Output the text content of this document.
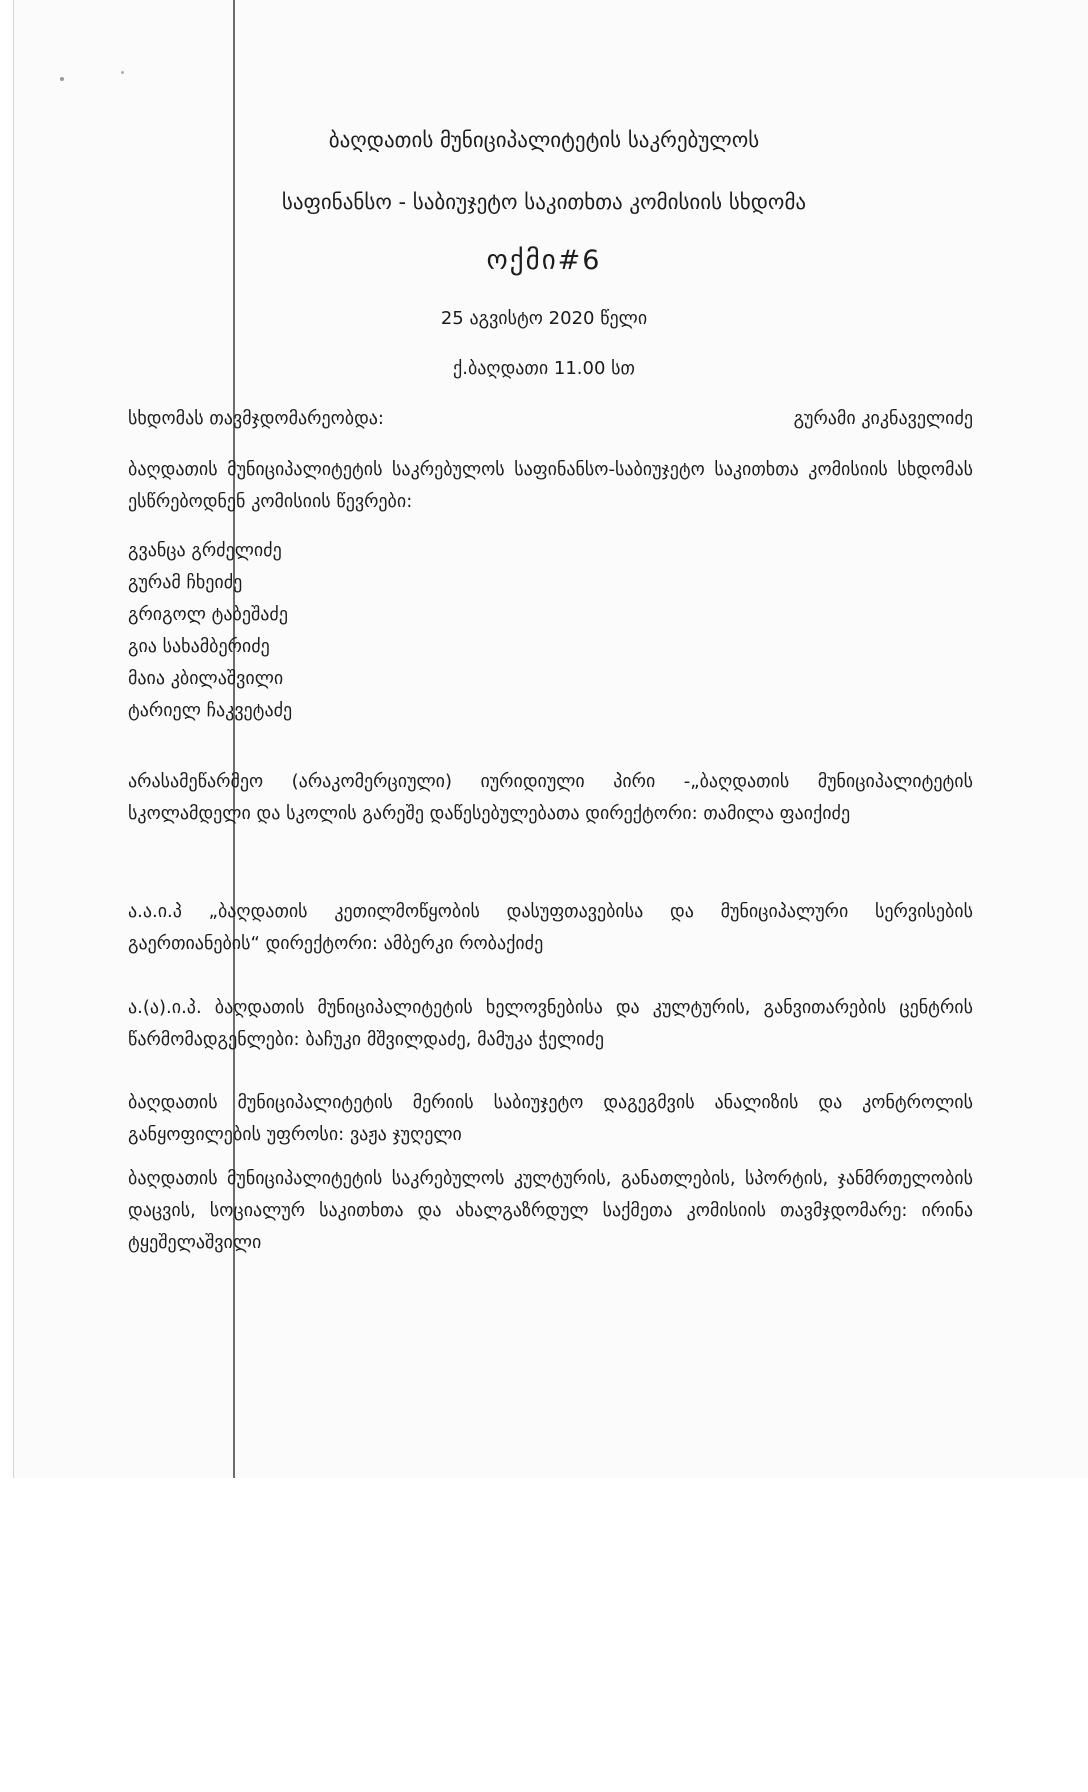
ბაღდათის მუნიციპალიტეტის საკრებულოს
საფინანსო - საბიუჯეტო საკითხთა კომისიის სხდომა
ოქმი#6
25 აგვისტო 2020 წელი
ქ.ბაღდათი 11.00 სთ
სხდომას თავმჯდომარეობდა:	გურამი კიკნაველიძე
ბაღდათის მუნიციპალიტეტის საკრებულოს საფინანსო-საბიუჯეტო საკითხთა კომისიის სხდომას ესწრებოდნენ კომისიის წევრები:
გვანცა გრძელიძე
გურამ ჩხეიძე
გრიგოლ ტაბეშაძე
გია სახამბერიძე
მაია კბილაშვილი
ტარიელ ჩაკვეტაძე
არასამეწარმეო (არაკომერციული) იურიდიული პირი -„ბაღდათის მუნიციპალიტეტის სკოლამდელი და სკოლის გარეშე დაწესებულებათა დირექტორი: თამილა ფაიქიძე
ა.ა.ი.პ „ბაღდათის კეთილმოწყობის დასუფთავებისა და მუნიციპალური სერვისების გაერთიანების“ დირექტორი: ამბერკი რობაქიძე
ა.(ა).ი.პ. ბაღდათის მუნიციპალიტეტის ხელოვნებისა და კულტურის, განვითარების ცენტრის წარმომადგენლები: ბაჩუკი მშვილდაძე, მამუკა ჭელიძე
ბაღდათის მუნიციპალიტეტის მერიის საბიუჯეტო დაგეგმვის ანალიზის და კონტროლის განყოფილების უფროსი: ვაჟა ჯუღელი
ბაღდათის მუნიციპალიტეტის საკრებულოს კულტურის, განათლების, სპორტის, ჯანმრთელობის დაცვის, სოციალურ საკითხთა და ახალგაზრდულ საქმეთა კომისიის თავმჯდომარე: ირინა ტყეშელაშვილი
